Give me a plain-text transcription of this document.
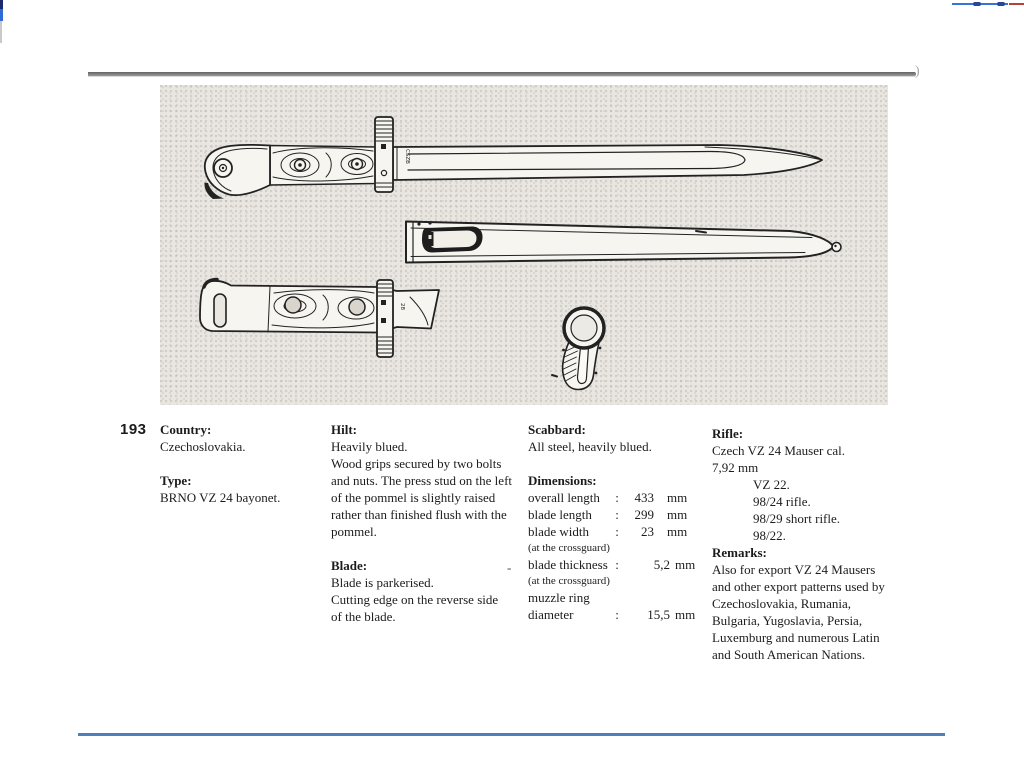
)
CSZB
28
193 Country:

Czechoslovakia.

Type:

BRNO VZ 24 bayonet.

Hilt:

Heavily blued.

Wood grips secured by two bolts and nuts. The press stud on the left of the pommel is slightly raised rather than finished flush with the pommel.

Blade:

Blade is parkerised.

Cutting edge on the reverse side of the blade.

-

Scabbard:

All steel, heavily blued.

Dimensions:

overall length	:	433 mm
blade length	:	299 mm
blade width	:	23 mm
(at the crossguard)
blade thickness :	5,2 mm
(at the crossguard)
muzzle ring
diameter	:	15,5 mm

Rifle:

Czech VZ 24 Mauser cal.

7,92 mm

VZ 22.

98/24 rifle.

98/29 short rifle.

98/22.

Remarks:

Also for export VZ 24 Mausers and other export patterns used by Czechoslovakia, Rumania, Bulgaria, Yugoslavia, Persia, Luxemburg and numerous Latin and South American Nations.
